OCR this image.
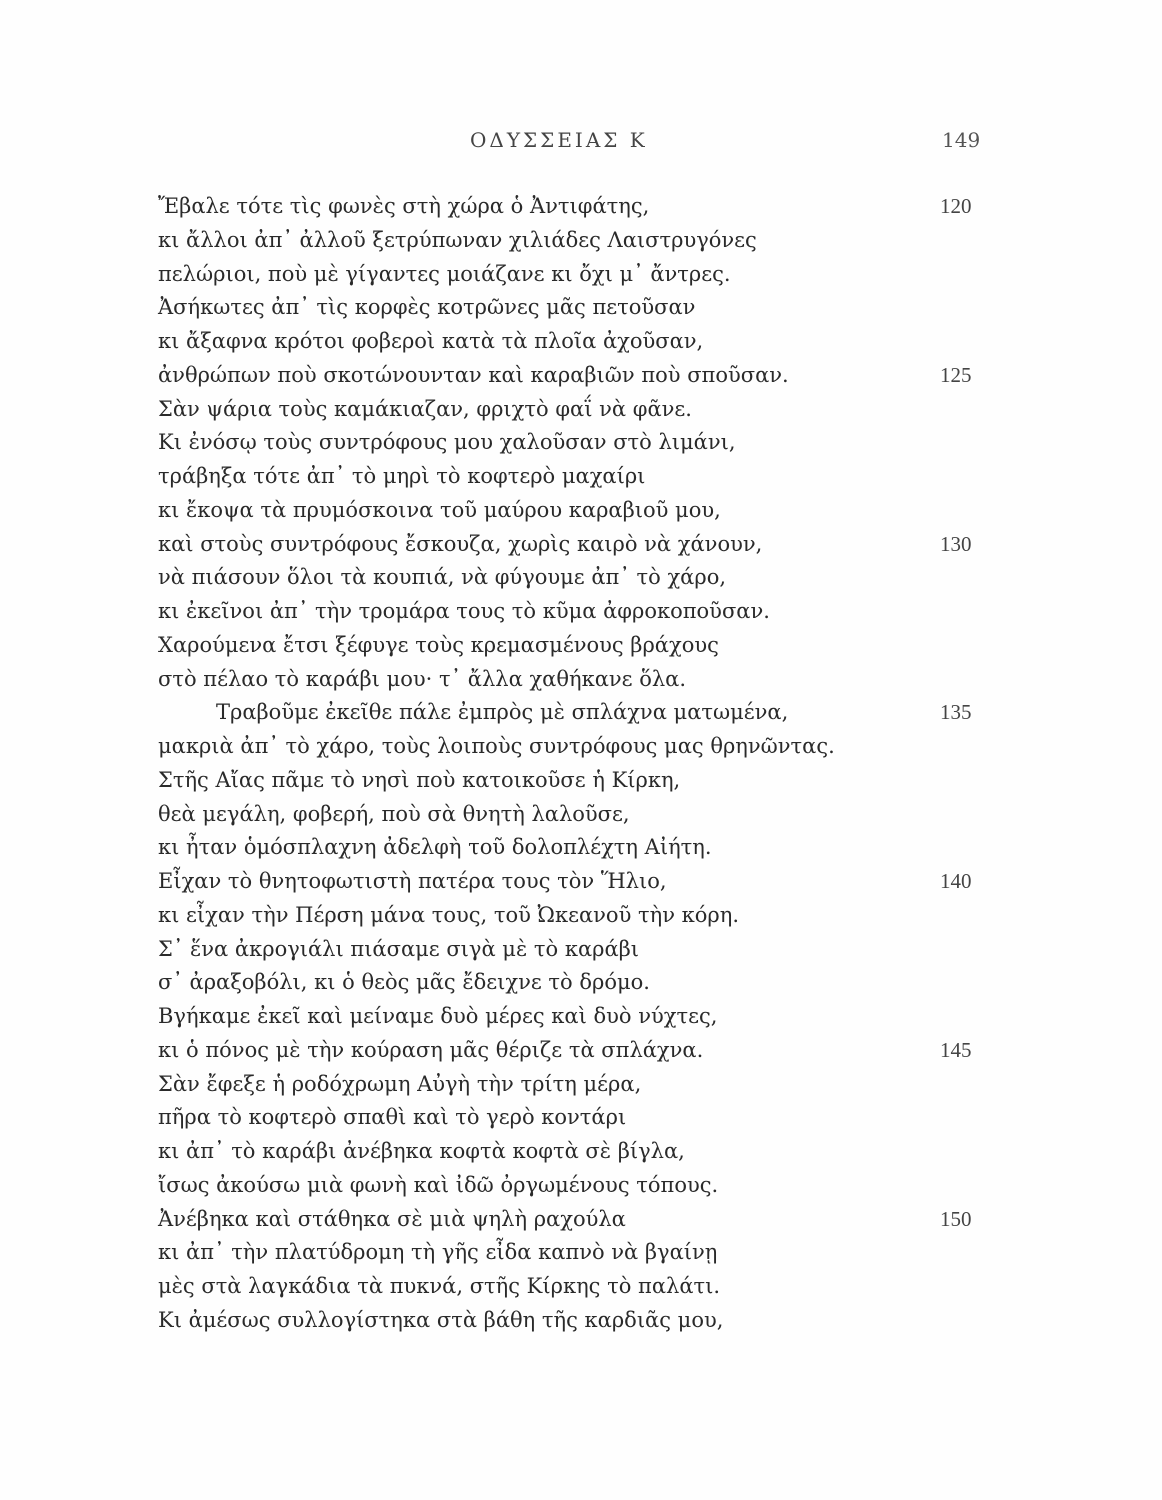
ΟΔΥΣΣΕΙΑΣ Κ	149
Ἔβαλε τότε τὶς φωνὲς στὴ χώρα ὁ Ἀντιφάτης,	120
κι ἄλλοι ἀπ᾿ ἀλλοῦ ξετρύπωναν χιλιάδες Λαιστρυγόνες
πελώριοι, ποὺ μὲ γίγαντες μοιάζανε κι ὄχι μ᾿ ἄντρες.
Ἀσήκωτες ἀπ᾿ τὶς κορφὲς κοτρῶνες μᾶς πετοῦσαν
κι ἄξαφνα κρότοι φοβεροὶ κατὰ τὰ πλοῖα ἀχοῦσαν,
ἀνθρώπων ποὺ σκοτώνουνταν καὶ καραβιῶν ποὺ σποῦσαν.	125
Σὰν ψάρια τοὺς καμάκιαζαν, φριχτὸ φαΐ νὰ φᾶνε.
Κι ἐνόσῳ τοὺς συντρόφους μου χαλοῦσαν στὸ λιμάνι,
τράβηξα τότε ἀπ᾿ τὸ μηρὶ τὸ κοφτερὸ μαχαίρι
κι ἔκοψα τὰ πρυμόσκοινα τοῦ μαύρου καραβιοῦ μου,
καὶ στοὺς συντρόφους ἔσκουζα, χωρὶς καιρὸ νὰ χάνουν,	130
νὰ πιάσουν ὅλοι τὰ κουπιά, νὰ φύγουμε ἀπ᾿ τὸ χάρο,
κι ἐκεῖνοι ἀπ᾿ τὴν τρομάρα τους τὸ κῦμα ἀφροκοποῦσαν.
Χαρούμενα ἔτσι ξέφυγε τοὺς κρεμασμένους βράχους
στὸ πέλαο τὸ καράβι μου· τ᾿ ἄλλα χαθήκανε ὅλα.
Τραβοῦμε ἐκεῖθε πάλε ἐμπρὸς μὲ σπλάχνα ματωμένα,	135
μακριὰ ἀπ᾿ τὸ χάρο, τοὺς λοιποὺς συντρόφους μας θρηνῶντας.
Στῆς Αἴας πᾶμε τὸ νησὶ ποὺ κατοικοῦσε ἡ Κίρκη,
θεὰ μεγάλη, φοβερή, ποὺ σὰ θνητὴ λαλοῦσε,
κι ἦταν ὁμόσπλαχνη ἀδελφὴ τοῦ δολοπλέχτη Αἰήτη.
Εἶχαν τὸ θνητοφωτιστὴ πατέρα τους τὸν Ἥλιο,	140
κι εἶχαν τὴν Πέρση μάνα τους, τοῦ Ὠκεανοῦ τὴν κόρη.
Σ᾿ ἕνα ἀκρογιάλι πιάσαμε σιγὰ μὲ τὸ καράβι
σ᾿ ἀραξοβόλι, κι ὁ θεὸς μᾶς ἔδειχνε τὸ δρόμο.
Βγήκαμε ἐκεῖ καὶ μείναμε δυὸ μέρες καὶ δυὸ νύχτες,
κι ὁ πόνος μὲ τὴν κούραση μᾶς θέριζε τὰ σπλάχνα.	145
Σὰν ἔφεξε ἡ ροδόχρωμη Αὐγὴ τὴν τρίτη μέρα,
πῆρα τὸ κοφτερὸ σπαθὶ καὶ τὸ γερὸ κοντάρι
κι ἀπ᾿ τὸ καράβι ἀνέβηκα κοφτὰ κοφτὰ σὲ βίγλα,
ἴσως ἀκούσω μιὰ φωνὴ καὶ ἰδῶ ὀργωμένους τόπους.
Ἀνέβηκα καὶ στάθηκα σὲ μιὰ ψηλὴ ραχούλα	150
κι ἀπ᾿ τὴν πλατύδρομη τὴ γῆς εἶδα καπνὸ νὰ βγαίνῃ
μὲς στὰ λαγκάδια τὰ πυκνά, στῆς Κίρκης τὸ παλάτι.
Κι ἀμέσως συλλογίστηκα στὰ βάθη τῆς καρδιᾶς μου,
